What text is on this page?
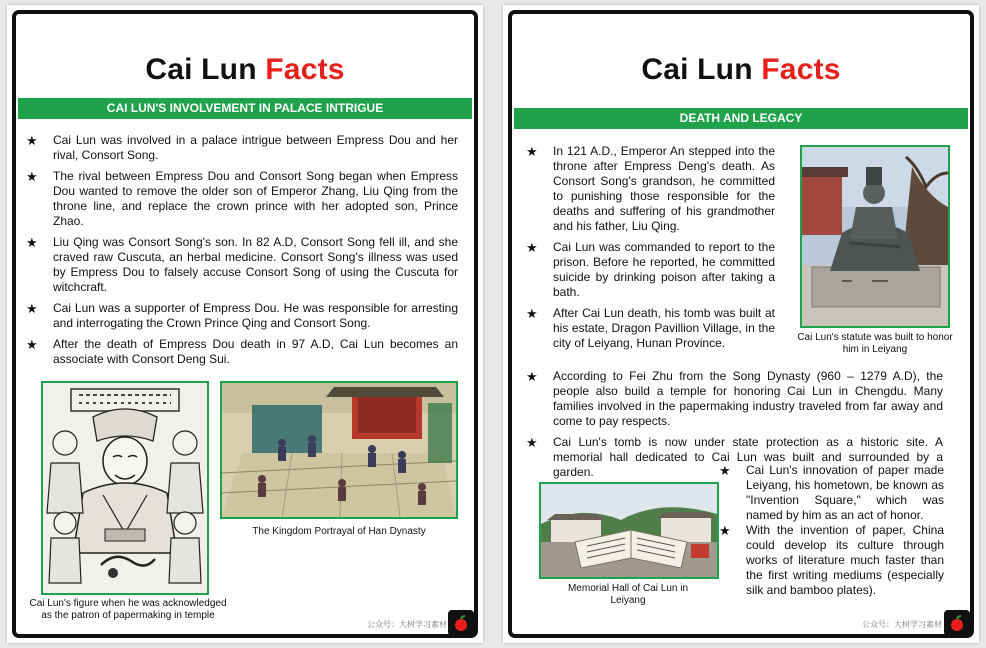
Cai Lun Facts
CAI LUN'S INVOLVEMENT IN PALACE INTRIGUE
★ Cai Lun was involved in a palace intrigue between Empress Dou and her rival, Consort Song.
★ The rival between Empress Dou and Consort Song began when Empress Dou wanted to remove the older son of Emperor Zhang, Liu Qing from the throne line, and replace the crown prince with her adopted son, Prince Zhao.
★ Liu Qing was Consort Song's son. In 82 A.D, Consort Song fell ill, and she craved raw Cuscuta, an herbal medicine. Consort Song's illness was used by Empress Dou to falsely accuse Consort Song of using the Cuscuta for witchcraft.
★ Cai Lun was a supporter of Empress Dou. He was responsible for arresting and interrogating the Crown Prince Qing and Consort Song.
★ After the death of Empress Dou death in 97 A.D, Cai Lun becomes an associate with Consort Deng Sui.
Cai Lun's figure when he was acknowledged as the patron of papermaking in temple
The Kingdom Portrayal of Han Dynasty
公众号：大树学习素材
Cai Lun Facts
DEATH AND LEGACY
★ In 121 A.D., Emperor An stepped into the throne after Empress Deng's death. As Consort Song's grandson, he committed to punishing those responsible for the deaths and suffering of his grandmother and his father, Liu Qing.
★ Cai Lun was commanded to report to the prison. Before he reported, he committed suicide by drinking poison after taking a bath.
★ After Cai Lun death, his tomb was built at his estate, Dragon Pavillion Village, in the city of Leiyang, Hunan Province.	Cai Lun's statute was built to honor him in Leiyang
★ According to Fei Zhu from the Song Dynasty (960 – 1279 A.D), the people also build a temple for honoring Cai Lun in Chengdu. Many families involved in the papermaking industry traveled from far away and come to pay respects.
★ Cai Lun's tomb is now under state protection as a historic site. A memorial hall dedicated to Cai Lun was built and surrounded by a garden.
Memorial Hall of Cai Lun in Leiyang
★ Cai Lun's innovation of paper made Leiyang, his hometown, be known as "Invention Square," which was named by him as an act of honor.
★ With the invention of paper, China could develop its culture through works of literature much faster than the first writing mediums (especially silk and bamboo plates).
公众号：大树学习素材
